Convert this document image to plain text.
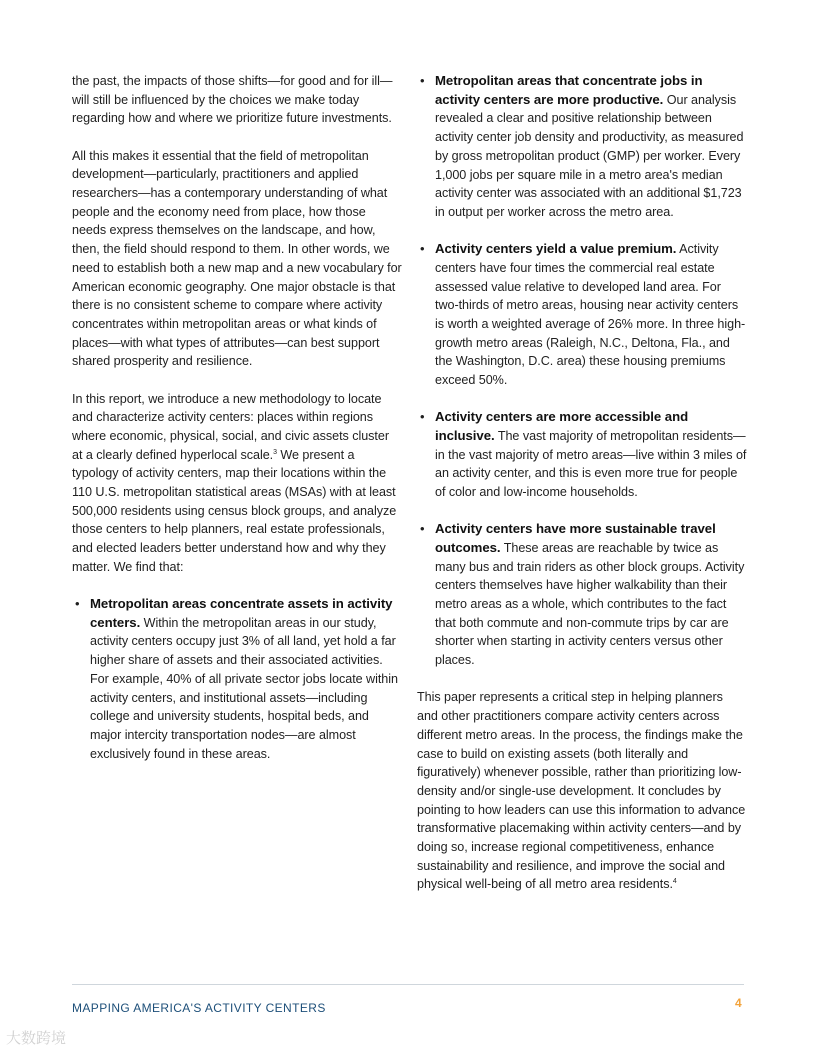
the past, the impacts of those shifts—for good and for ill—will still be influenced by the choices we make today regarding how and where we prioritize future investments.

All this makes it essential that the field of metropolitan development—particularly, practitioners and applied researchers—has a contemporary understanding of what people and the economy need from place, how those needs express themselves on the landscape, and how, then, the field should respond to them. In other words, we need to establish both a new map and a new vocabulary for American economic geography. One major obstacle is that there is no consistent scheme to compare where activity concentrates within metropolitan areas or what kinds of places—with what types of attributes—can best support shared prosperity and resilience.

In this report, we introduce a new methodology to locate and characterize activity centers: places within regions where economic, physical, social, and civic assets cluster at a clearly defined hyperlocal scale.$^3$ We present a typology of activity centers, map their locations within the 110 U.S. metropolitan statistical areas (MSAs) with at least 500,000 residents using census block groups, and analyze those centers to help planners, real estate professionals, and elected leaders better understand how and why they matter. We find that:

• Metropolitan areas concentrate assets in activity centers. Within the metropolitan areas in our study, activity centers occupy just 3% of all land, yet hold a far higher share of assets and their associated activities. For example, 40% of all private sector jobs locate within activity centers, and institutional assets—including college and university students, hospital beds, and major intercity transportation nodes—are almost exclusively found in these areas.
• Metropolitan areas that concentrate jobs in activity centers are more productive. Our analysis revealed a clear and positive relationship between activity center job density and productivity, as measured by gross metropolitan product (GMP) per worker. Every 1,000 jobs per square mile in a metro area's median activity center was associated with an additional $1,723 in output per worker across the metro area.
• Activity centers yield a value premium. Activity centers have four times the commercial real estate assessed value relative to developed land area. For two-thirds of metro areas, housing near activity centers is worth a weighted average of 26% more. In three high-growth metro areas (Raleigh, N.C., Deltona, Fla., and the Washington, D.C. area) these housing premiums exceed 50%.
• Activity centers are more accessible and inclusive. The vast majority of metropolitan residents—in the vast majority of metro areas—live within 3 miles of an activity center, and this is even more true for people of color and low-income households.
• Activity centers have more sustainable travel outcomes. These areas are reachable by twice as many bus and train riders as other block groups. Activity centers themselves have higher walkability than their metro areas as a whole, which contributes to the fact that both commute and non-commute trips by car are shorter when starting in activity centers versus other places.

This paper represents a critical step in helping planners and other practitioners compare activity centers across different metro areas. In the process, the findings make the case to build on existing assets (both literally and figuratively) whenever possible, rather than prioritizing low-density and/or single-use development. It concludes by pointing to how leaders can use this information to advance transformative placemaking within activity centers—and by doing so, increase regional competitiveness, enhance sustainability and resilience, and improve the social and physical well-being of all metro area residents.$^4$

MAPPING AMERICA'S ACTIVITY CENTERS	4
大数跨境
